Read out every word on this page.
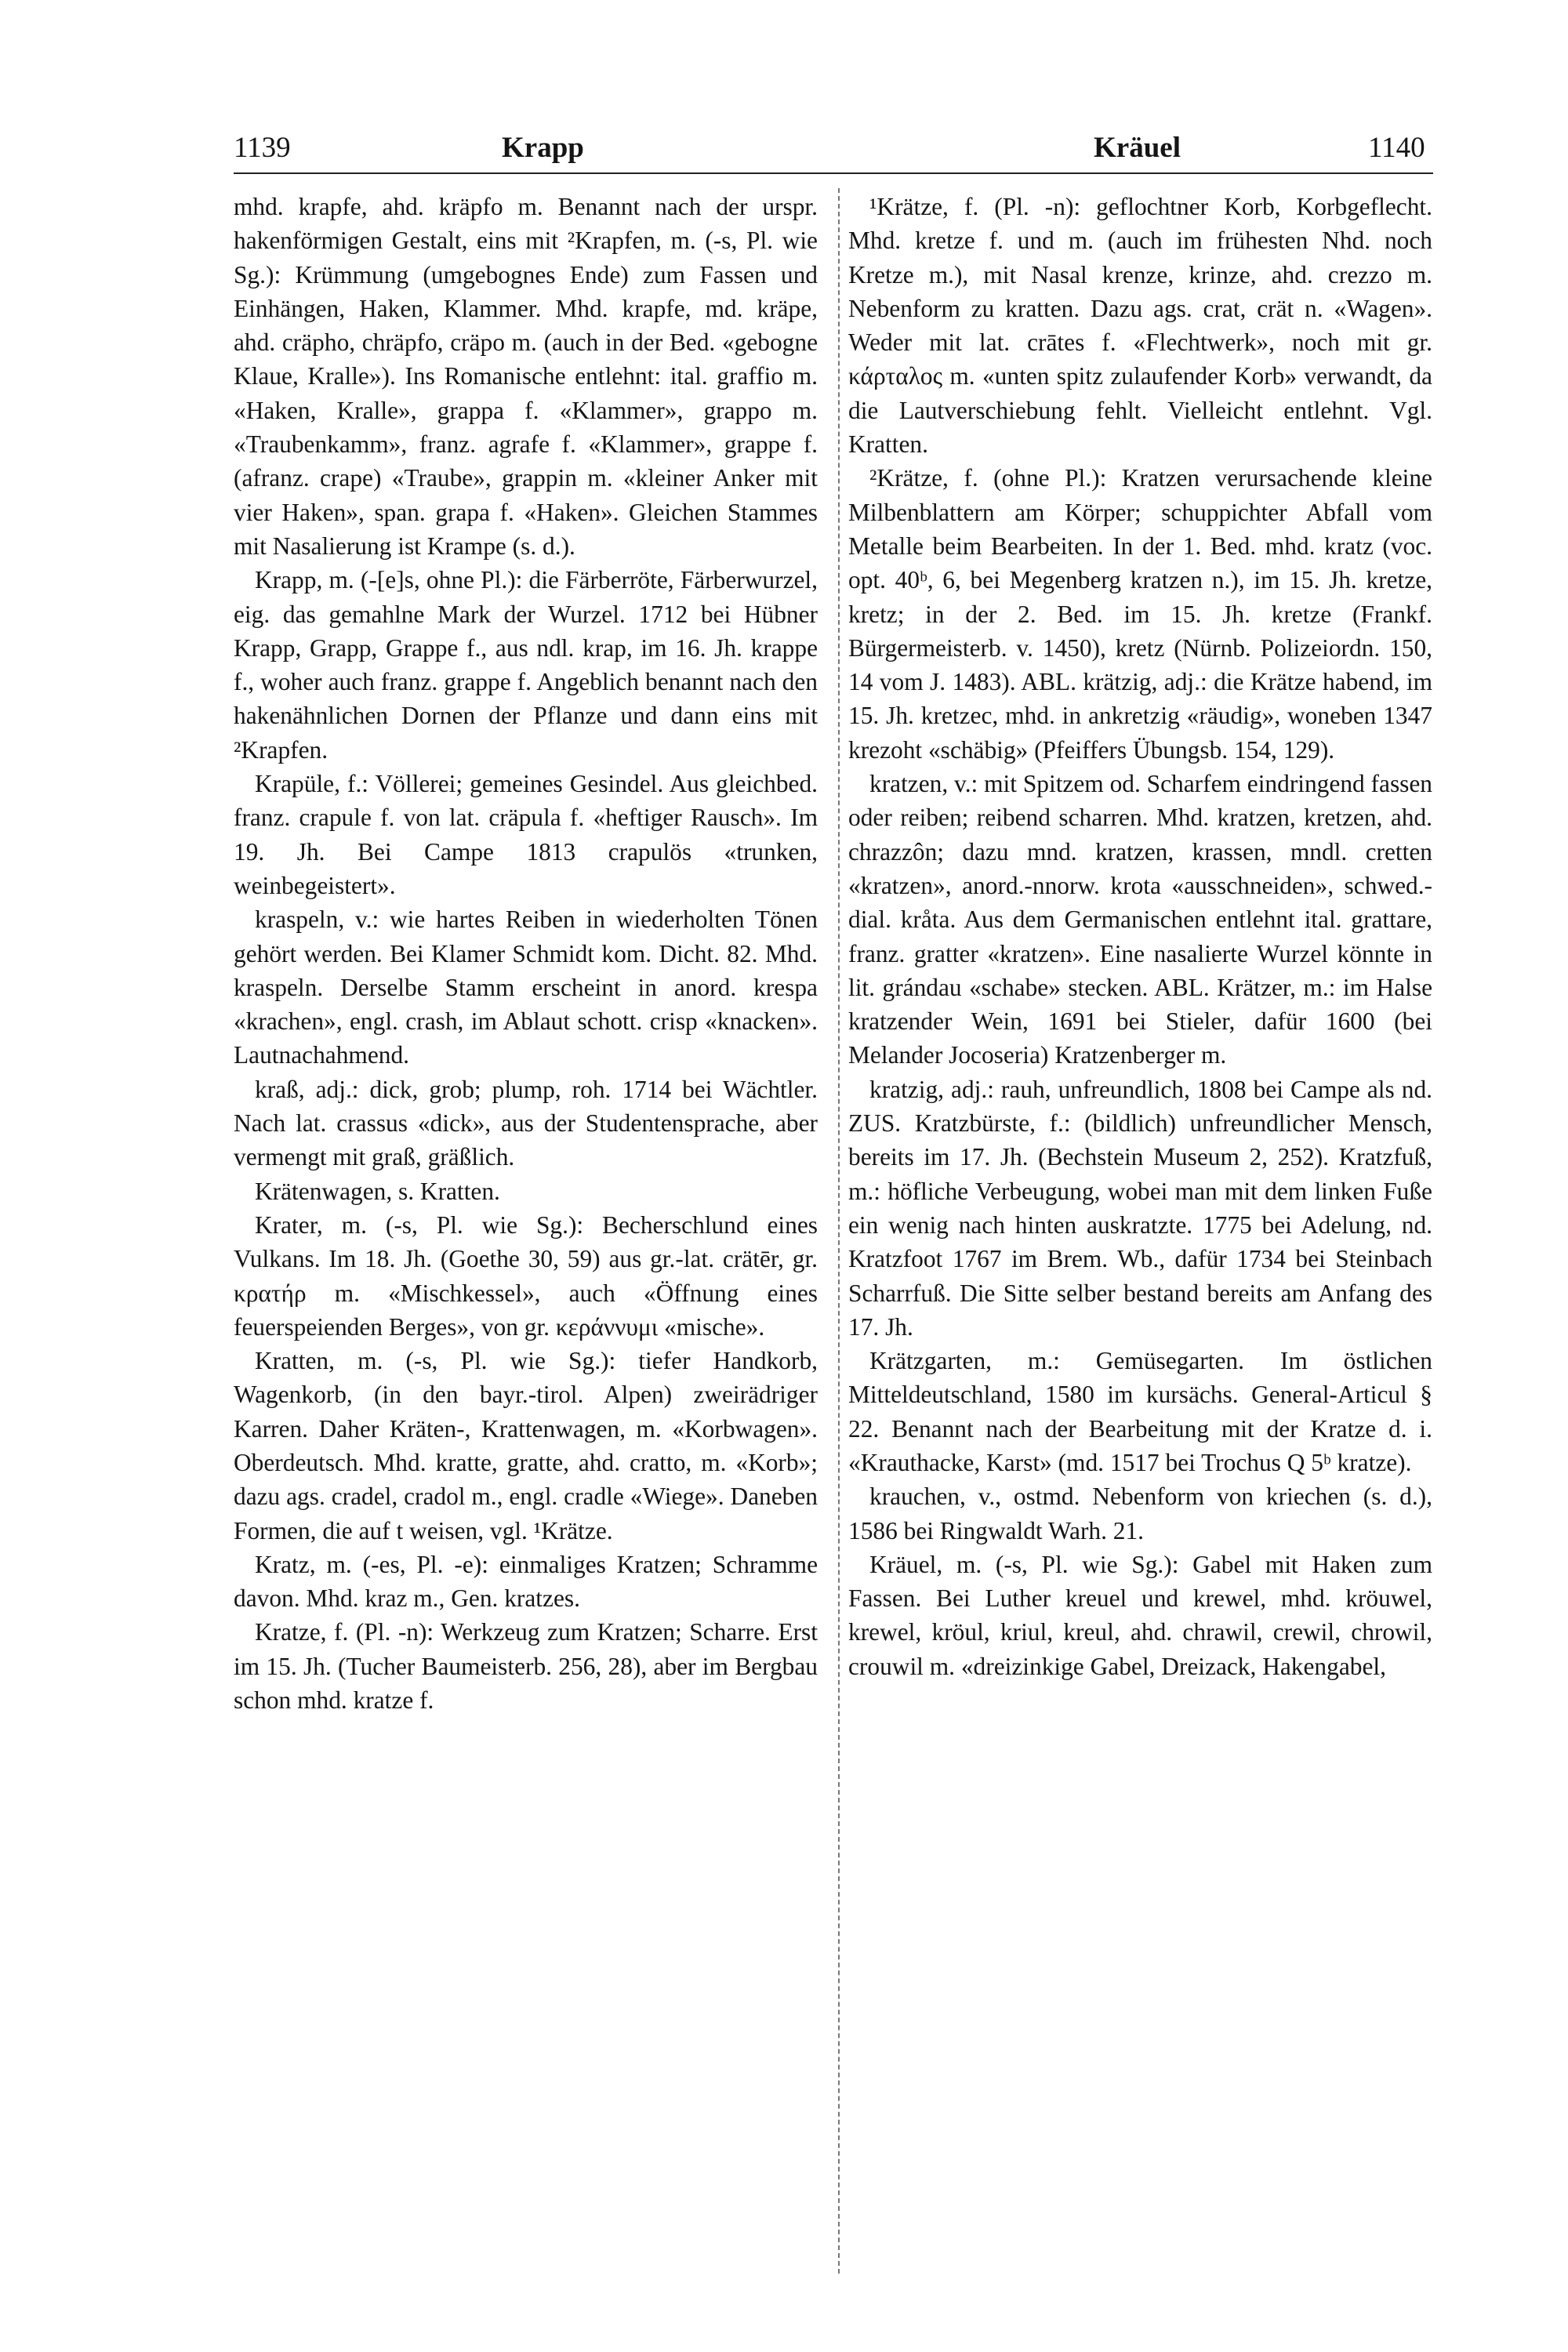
1139	Krapp	Kräuel	1140

mhd. krapfe, ahd. kräpfo m. Benannt nach der urspr. hakenförmigen Gestalt, eins mit ²Krapfen, m. (-s, Pl. wie Sg.): Krümmung (umgebognes Ende) zum Fassen und Einhängen, Haken, Klammer. Mhd. krapfe, md. kräpe, ahd. cräpho, chräpfo, cräpo m. (auch in der Bed. «gebogne Klaue, Kralle»). Ins Romanische entlehnt: ital. graffio m. «Haken, Kralle», grappa f. «Klammer», grappo m. «Traubenkamm», franz. agrafe f. «Klammer», grappe f. (afranz. crape) «Traube», grappin m. «kleiner Anker mit vier Haken», span. grapa f. «Haken». Gleichen Stammes mit Nasalierung ist Krampe (s. d.).

Krapp, m. (-[e]s, ohne Pl.): die Färberröte, Färberwurzel, eig. das gemahlne Mark der Wurzel. 1712 bei Hübner Krapp, Grapp, Grappe f., aus ndl. krap, im 16. Jh. krappe f., woher auch franz. grappe f. Angeblich benannt nach den hakenähnlichen Dornen der Pflanze und dann eins mit ²Krapfen.

Krapüle, f.: Völlerei; gemeines Gesindel. Aus gleichbed. franz. crapule f. von lat. cräpula f. «heftiger Rausch». Im 19. Jh. Bei Campe 1813 crapulös «trunken, weinbegeistert».

kraspeln, v.: wie hartes Reiben in wiederholten Tönen gehört werden. Bei Klamer Schmidt kom. Dicht. 82. Mhd. kraspeln. Derselbe Stamm erscheint in anord. krespa «krachen», engl. crash, im Ablaut schott. crisp «knacken». Lautnachahmend.

kraß, adj.: dick, grob; plump, roh. 1714 bei Wächtler. Nach lat. crassus «dick», aus der Studentensprache, aber vermengt mit graß, gräßlich.

Krätenwagen, s. Kratten.

Krater, m. (-s, Pl. wie Sg.): Becherschlund eines Vulkans. Im 18. Jh. (Goethe 30, 59) aus gr.-lat. crätēr, gr. κρατήρ m. «Mischkessel», auch «Öffnung eines feuerspeienden Berges», von gr. κεράννυμι «mische».

Kratten, m. (-s, Pl. wie Sg.): tiefer Handkorb, Wagenkorb, (in den bayr.-tirol. Alpen) zweirädriger Karren. Daher Kräten-, Krattenwagen, m. «Korbwagen». Oberdeutsch. Mhd. kratte, gratte, ahd. cratto, m. «Korb»; dazu ags. cradel, cradol m., engl. cradle «Wiege». Daneben Formen, die auf t weisen, vgl. ¹Krätze.

Kratz, m. (-es, Pl. -e): einmaliges Kratzen; Schramme davon. Mhd. kraz m., Gen. kratzes.

Kratze, f. (Pl. -n): Werkzeug zum Kratzen; Scharre. Erst im 15. Jh. (Tucher Baumeisterb. 256, 28), aber im Bergbau schon mhd. kratze f.

¹Krätze, f. (Pl. -n): geflochtner Korb, Korbgeflecht. Mhd. kretze f. und m. (auch im frühesten Nhd. noch Kretze m.), mit Nasal krenze, krinze, ahd. crezzo m. Nebenform zu kratten. Dazu ags. crat, crät n. «Wagen». Weder mit lat. crātes f. «Flechtwerk», noch mit gr. κάρταλος m. «unten spitz zulaufender Korb» verwandt, da die Lautverschiebung fehlt. Vielleicht entlehnt. Vgl. Kratten.

²Krätze, f. (ohne Pl.): Kratzen verursachende kleine Milbenblattern am Körper; schuppichter Abfall vom Metalle beim Bearbeiten. In der 1. Bed. mhd. kratz (voc. opt. 40ᵇ, 6, bei Megenberg kratzen n.), im 15. Jh. kretze, kretz; in der 2. Bed. im 15. Jh. kretze (Frankf. Bürgermeisterb. v. 1450), kretz (Nürnb. Polizeiordn. 150, 14 vom J. 1483). ABL. krätzig, adj.: die Krätze habend, im 15. Jh. kretzec, mhd. in ankretzig «räudig», woneben 1347 krezoht «schäbig» (Pfeiffers Übungsb. 154, 129).

kratzen, v.: mit Spitzem od. Scharfem eindringend fassen oder reiben; reibend scharren. Mhd. kratzen, kretzen, ahd. chrazzôn; dazu mnd. kratzen, krassen, mndl. cretten «kratzen», anord.-nnorw. krota «ausschneiden», schwed.-dial. kråta. Aus dem Germanischen entlehnt ital. grattare, franz. gratter «kratzen». Eine nasalierte Wurzel könnte in lit. grándau «schabe» stecken. ABL. Krätzer, m.: im Halse kratzender Wein, 1691 bei Stieler, dafür 1600 (bei Melander Jocoseria) Kratzenberger m.

kratzig, adj.: rauh, unfreundlich, 1808 bei Campe als nd. ZUS. Kratzbürste, f.: (bildlich) unfreundlicher Mensch, bereits im 17. Jh. (Bechstein Museum 2, 252). Kratzfuß, m.: höfliche Verbeugung, wobei man mit dem linken Fuße ein wenig nach hinten auskratzte. 1775 bei Adelung, nd. Kratzfoot 1767 im Brem. Wb., dafür 1734 bei Steinbach Scharrfuß. Die Sitte selber bestand bereits am Anfang des 17. Jh.

Krätzgarten, m.: Gemüsegarten. Im östlichen Mitteldeutschland, 1580 im kursächs. General-Articul § 22. Benannt nach der Bearbeitung mit der Kratze d. i. «Krauthacke, Karst» (md. 1517 bei Trochus Q 5ᵇ kratze).

krauchen, v., ostmd. Nebenform von kriechen (s. d.), 1586 bei Ringwaldt Warh. 21.

Kräuel, m. (-s, Pl. wie Sg.): Gabel mit Haken zum Fassen. Bei Luther kreuel und krewel, mhd. kröuwel, krewel, kröul, kriul, kreul, ahd. chrawil, crewil, chrowil, crouwil m. «dreizinkige Gabel, Dreizack, Hakengabel,
